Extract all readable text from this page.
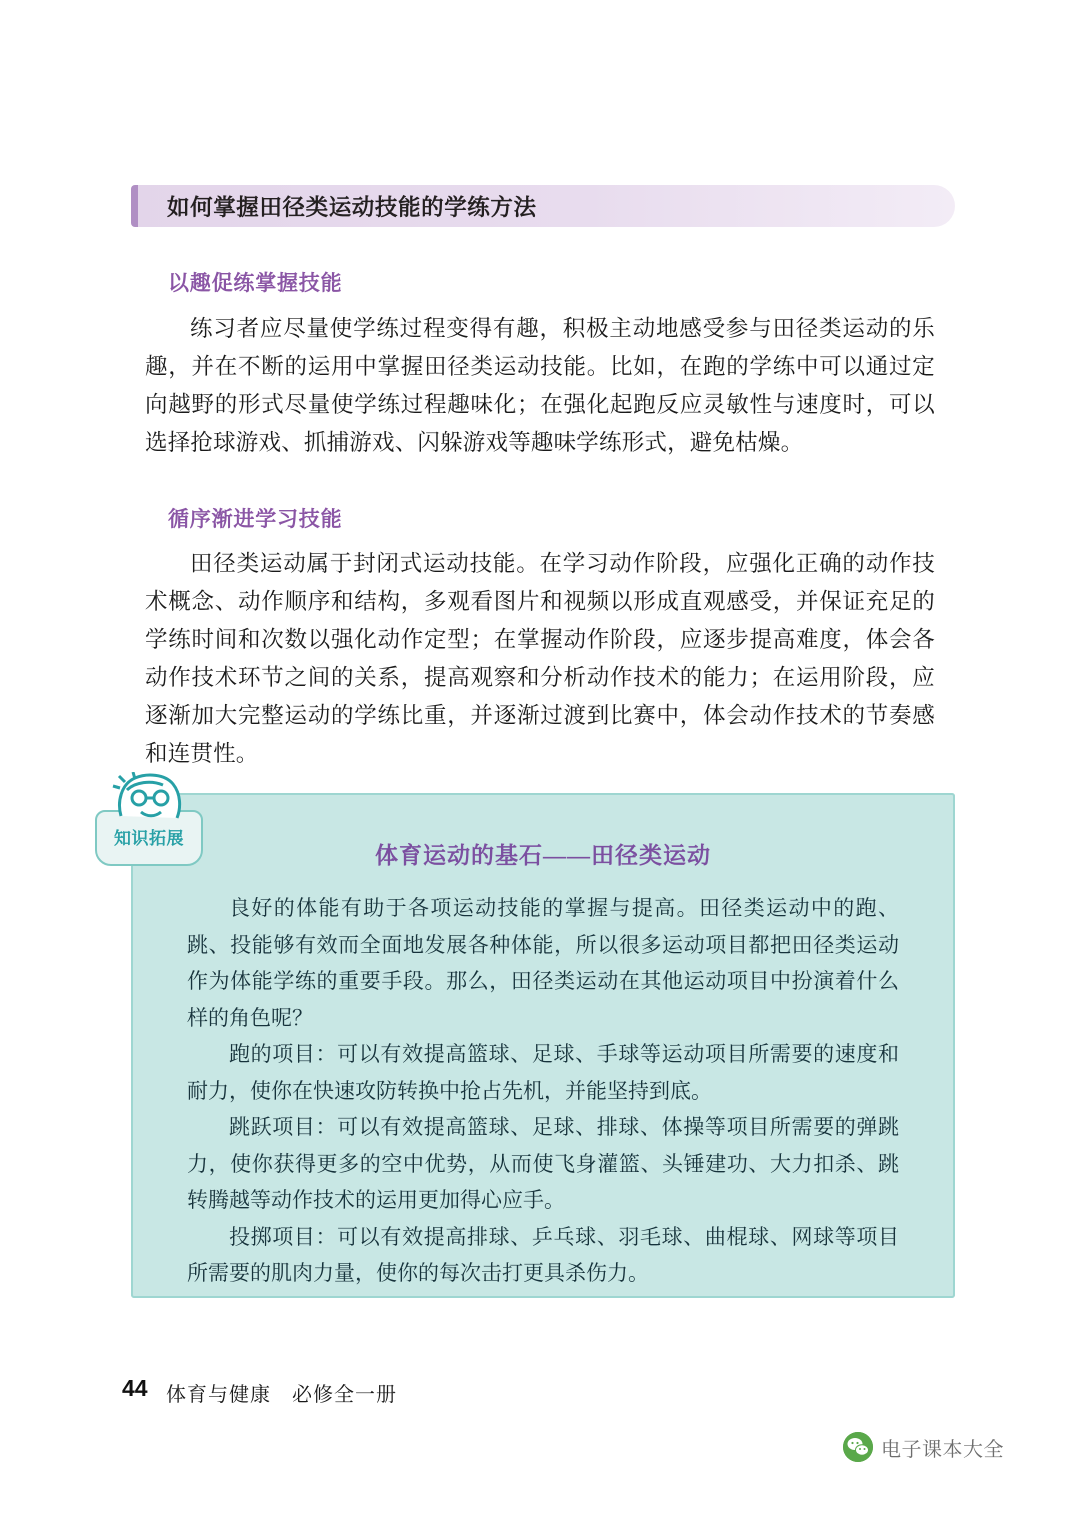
如何掌握田径类运动技能的学练方法
以趣促练掌握技能
练习者应尽量使学练过程变得有趣，积极主动地感受参与田径类运动的乐趣，并在不断的运用中掌握田径类运动技能。比如，在跑的学练中可以通过定向越野的形式尽量使学练过程趣味化；在强化起跑反应灵敏性与速度时，可以选择抢球游戏、抓捕游戏、闪躲游戏等趣味学练形式，避免枯燥。
循序渐进学习技能
田径类运动属于封闭式运动技能。在学习动作阶段，应强化正确的动作技术概念、动作顺序和结构，多观看图片和视频以形成直观感受，并保证充足的学练时间和次数以强化动作定型；在掌握动作阶段，应逐步提高难度，体会各动作技术环节之间的关系，提高观察和分析动作技术的能力；在运用阶段，应逐渐加大完整运动的学练比重，并逐渐过渡到比赛中，体会动作技术的节奏感和连贯性。
体育运动的基石——田径类运动

良好的体能有助于各项运动技能的掌握与提高。田径类运动中的跑、跳、投能够有效而全面地发展各种体能，所以很多运动项目都把田径类运动作为体能学练的重要手段。那么，田径类运动在其他运动项目中扮演着什么样的角色呢？

跑的项目：可以有效提高篮球、足球、手球等运动项目所需要的速度和耐力，使你在快速攻防转换中抢占先机，并能坚持到底。

跳跃项目：可以有效提高篮球、足球、排球、体操等项目所需要的弹跳力，使你获得更多的空中优势，从而使飞身灌篮、头锤建功、大力扣杀、跳转腾越等动作技术的运用更加得心应手。

投掷项目：可以有效提高排球、乒乓球、羽毛球、曲棍球、网球等项目所需要的肌肉力量，使你的每次击打更具杀伤力。

知识拓展
44 体育与健康　必修全一册
电子课本大全
